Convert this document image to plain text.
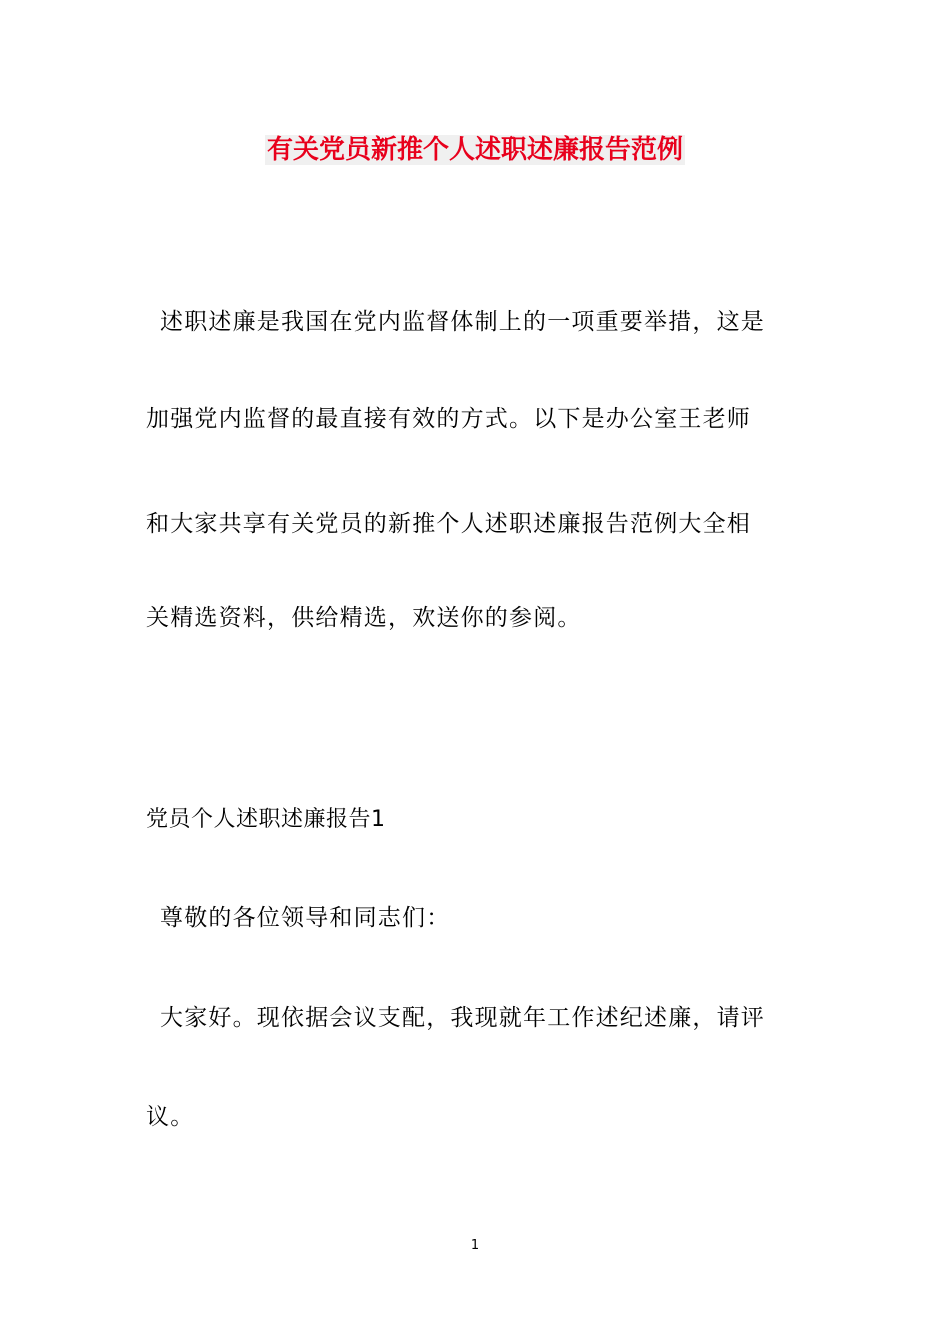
有关党员新推个人述职述廉报告范例
述职述廉是我国在党内监督体制上的一项重要举措，这是
加强党内监督的最直接有效的方式。以下是办公室王老师
和大家共享有关党员的新推个人述职述廉报告范例大全相
关精选资料，供给精选，欢送你的参阅。
党员个人述职述廉报告1
尊敬的各位领导和同志们：
大家好。现依据会议支配，我现就年工作述纪述廉，请评
议。
1
